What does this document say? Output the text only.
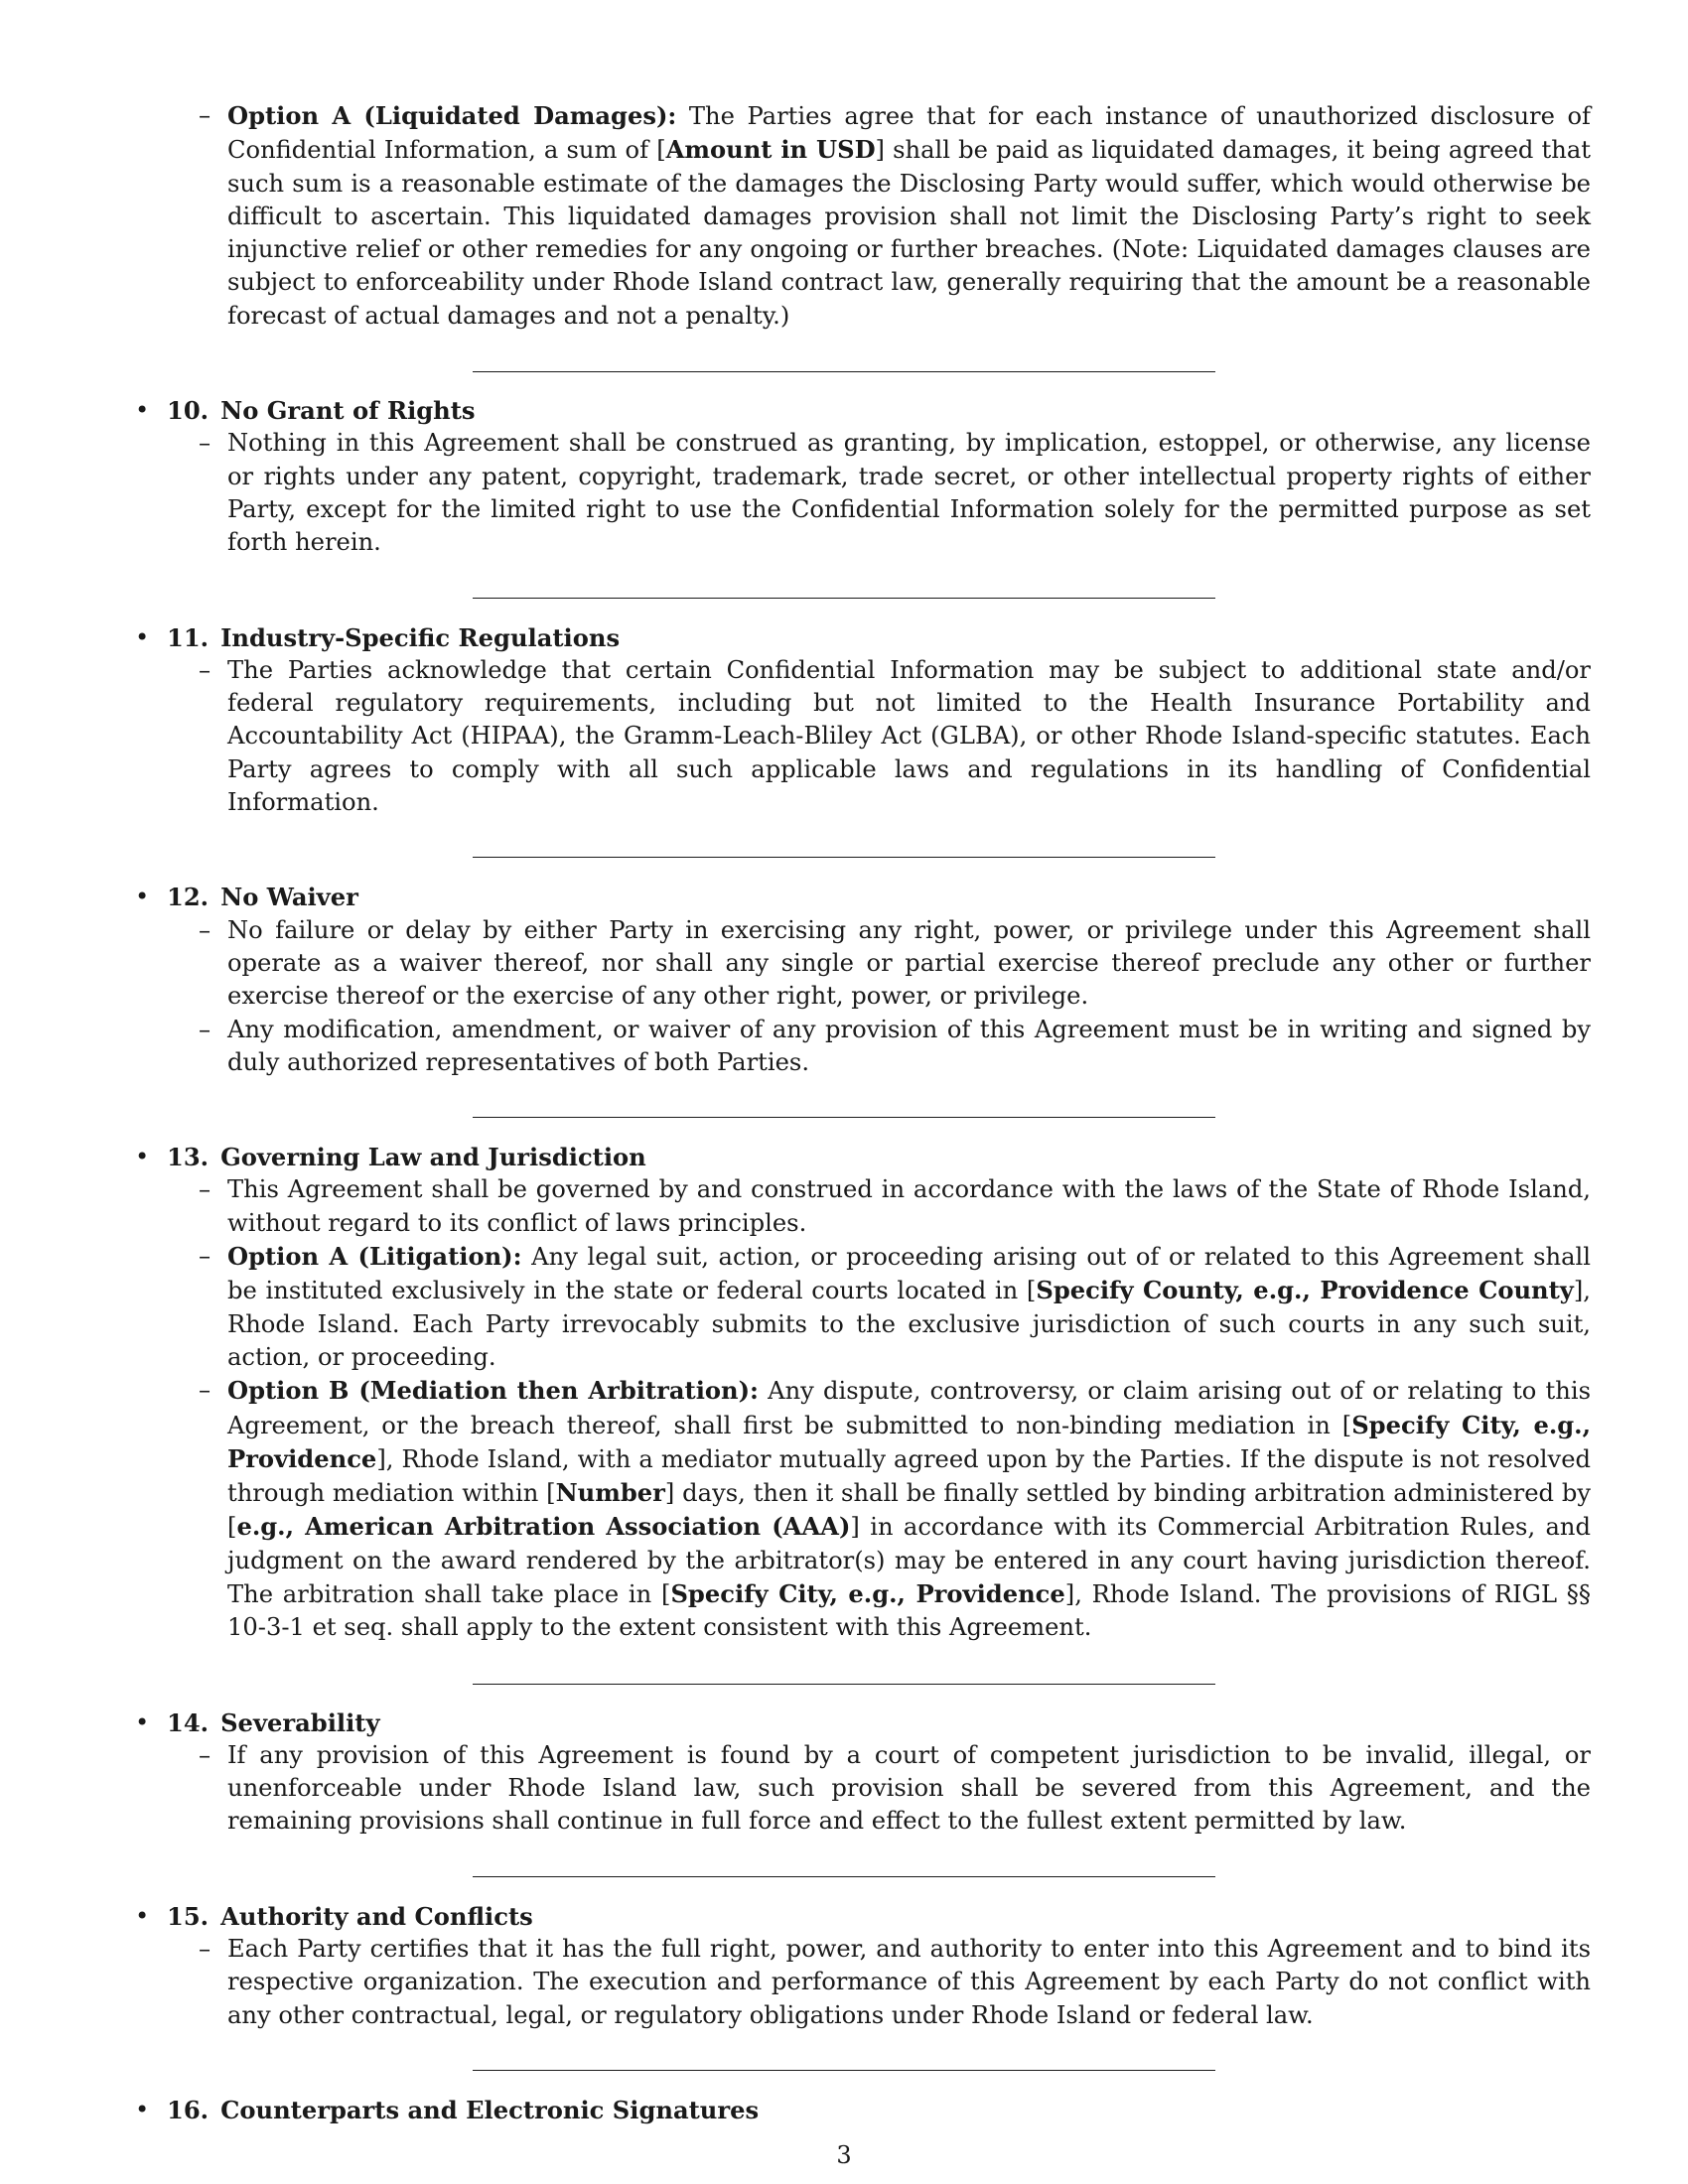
– Option A (Liquidated Damages): The Parties agree that for each instance of unauthorized disclosure of Confidential Information, a sum of [Amount in USD] shall be paid as liquidated damages, it being agreed that such sum is a reasonable estimate of the damages the Disclosing Party would suffer, which would otherwise be difficult to ascertain. This liquidated damages provision shall not limit the Disclosing Party’s right to seek injunctive relief or other remedies for any ongoing or further breaches. (Note: Liquidated damages clauses are subject to enforceability under Rhode Island contract law, generally requiring that the amount be a reasonable forecast of actual damages and not a penalty.)
• 10. No Grant of Rights
– Nothing in this Agreement shall be construed as granting, by implication, estoppel, or otherwise, any license or rights under any patent, copyright, trademark, trade secret, or other intellectual property rights of either Party, except for the limited right to use the Confidential Information solely for the permitted purpose as set forth herein.
• 11. Industry-Specific Regulations
– The Parties acknowledge that certain Confidential Information may be subject to additional state and/or federal regulatory requirements, including but not limited to the Health Insurance Portability and Accountability Act (HIPAA), the Gramm-Leach-Bliley Act (GLBA), or other Rhode Island-specific statutes. Each Party agrees to comply with all such applicable laws and regulations in its handling of Confidential Information.
• 12. No Waiver
– No failure or delay by either Party in exercising any right, power, or privilege under this Agreement shall operate as a waiver thereof, nor shall any single or partial exercise thereof preclude any other or further exercise thereof or the exercise of any other right, power, or privilege.
– Any modification, amendment, or waiver of any provision of this Agreement must be in writing and signed by duly authorized representatives of both Parties.
• 13. Governing Law and Jurisdiction
– This Agreement shall be governed by and construed in accordance with the laws of the State of Rhode Island, without regard to its conflict of laws principles.
– Option A (Litigation): Any legal suit, action, or proceeding arising out of or related to this Agreement shall be instituted exclusively in the state or federal courts located in [Specify County, e.g., Providence County], Rhode Island. Each Party irrevocably submits to the exclusive jurisdiction of such courts in any such suit, action, or proceeding.
– Option B (Mediation then Arbitration): Any dispute, controversy, or claim arising out of or relating to this Agreement, or the breach thereof, shall first be submitted to non-binding mediation in [Specify City, e.g., Providence], Rhode Island, with a mediator mutually agreed upon by the Parties. If the dispute is not resolved through mediation within [Number] days, then it shall be finally settled by binding arbitration administered by [e.g., American Arbitration Association (AAA)] in accordance with its Commercial Arbitration Rules, and judgment on the award rendered by the arbitrator(s) may be entered in any court having jurisdiction thereof. The arbitration shall take place in [Specify City, e.g., Providence], Rhode Island. The provisions of RIGL §§ 10-3-1 et seq. shall apply to the extent consistent with this Agreement.
• 14. Severability
– If any provision of this Agreement is found by a court of competent jurisdiction to be invalid, illegal, or unenforceable under Rhode Island law, such provision shall be severed from this Agreement, and the remaining provisions shall continue in full force and effect to the fullest extent permitted by law.
• 15. Authority and Conflicts
– Each Party certifies that it has the full right, power, and authority to enter into this Agreement and to bind its respective organization. The execution and performance of this Agreement by each Party do not conflict with any other contractual, legal, or regulatory obligations under Rhode Island or federal law.
• 16. Counterparts and Electronic Signatures
3
